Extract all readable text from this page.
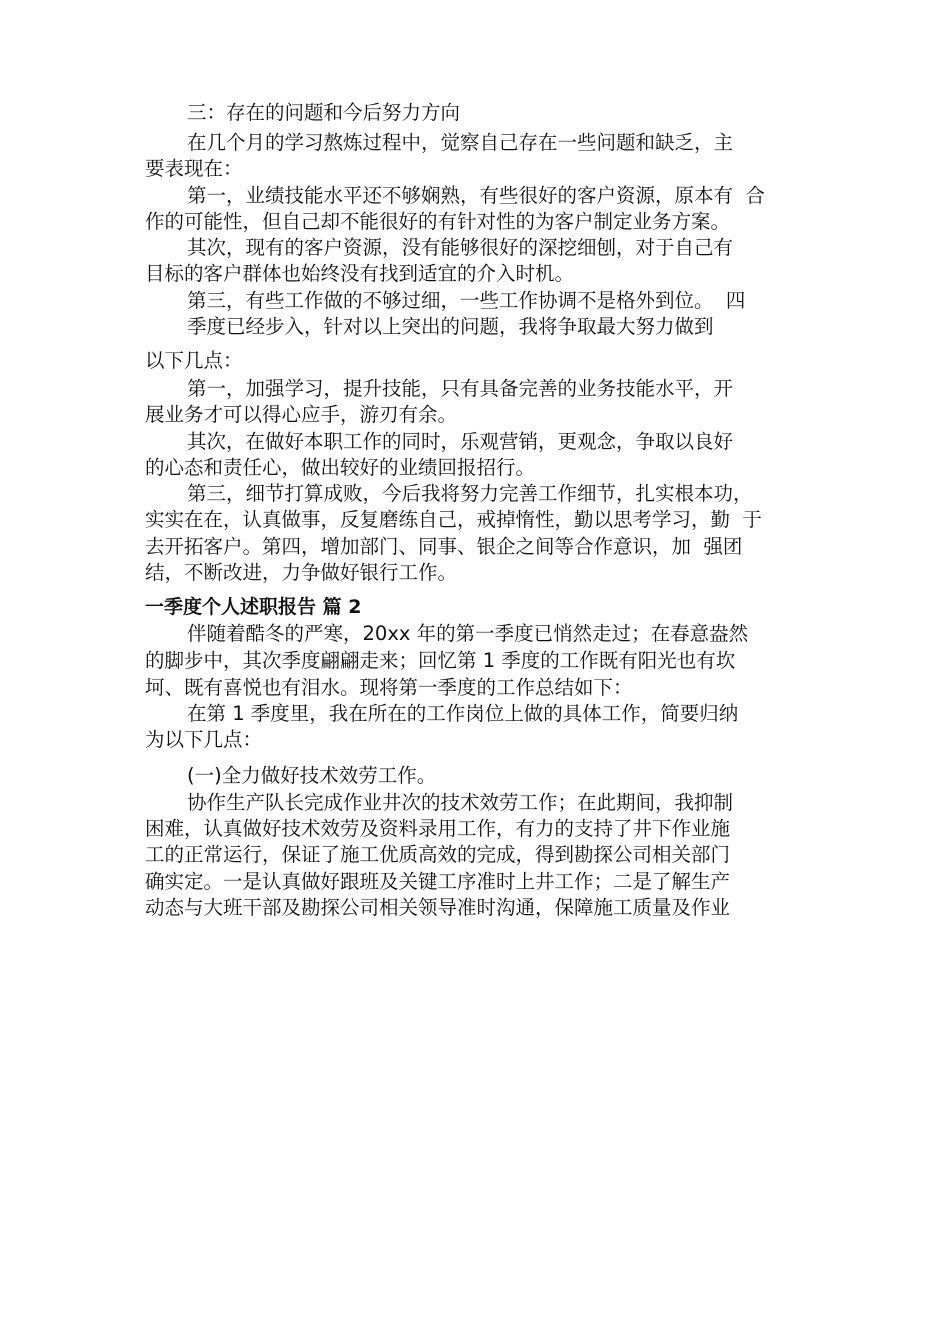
三：存在的问题和今后努力方向

在几个月的学习熬炼过程中，觉察自己存在一些问题和缺乏，主

要表现在：

第一，业绩技能水平还不够娴熟，有些很好的客户资源，原本有  合

作的可能性，但自己却不能很好的有针对性的为客户制定业务方案。

其次，现有的客户资源，没有能够很好的深挖细刨，对于自己有

目标的客户群体也始终没有找到适宜的介入时机。

第三，有些工作做的不够过细，一些工作协调不是格外到位。  四

季度已经步入，针对以上突出的问题，我将争取最大努力做到

以下几点：

第一，加强学习，提升技能，只有具备完善的业务技能水平，开

展业务才可以得心应手，游刃有余。

其次，在做好本职工作的同时，乐观营销，更观念，争取以良好

的心态和责任心，做出较好的业绩回报招行。

第三，细节打算成败，今后我将努力完善工作细节，扎实根本功，

实实在在，认真做事，反复磨练自己，戒掉惰性，勤以思考学习，勤  于

去开拓客户。第四，增加部门、同事、银企之间等合作意识，加  强团

结，不断改进，力争做好银行工作。

一季度个人述职报告 篇 2

伴随着酷冬的严寒，20xx 年的第一季度已悄然走过；在春意盎然

的脚步中，其次季度翩翩走来；回忆第 1 季度的工作既有阳光也有坎

坷、既有喜悦也有泪水。现将第一季度的工作总结如下：

在第 1 季度里，我在所在的工作岗位上做的具体工作，简要归纳

为以下几点：

(一)全力做好技术效劳工作。

协作生产队长完成作业井次的技术效劳工作；在此期间，我抑制

困难，认真做好技术效劳及资料录用工作，有力的支持了井下作业施

工的正常运行，保证了施工优质高效的完成，得到勘探公司相关部门

确实定。一是认真做好跟班及关键工序准时上井工作；二是了解生产

动态与大班干部及勘探公司相关领导准时沟通，保障施工质量及作业
